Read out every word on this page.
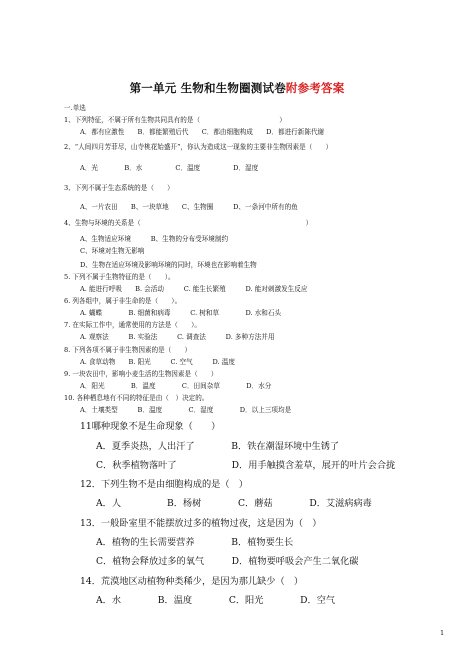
第一单元 生物和生物圈测试卷附参考答案
一.单选
1、下列特征，不属于所有生物共同具有的是（　　　　　　　　　　　　）
A．都有应激性　　B．都能繁殖后代　　C．都由细胞构成　　D．都进行新陈代谢
2、“人间四月芳菲尽，山寺桃花始盛开”，你认为造成这一现象的主要非生物因素是（　　）
A．光　　　　B．水　　　　　C．温度　　　　　D．湿度
3、下列不属于生态系统的是（　　）
A、一片农田　　B、一块草地　　C、生物圈　　　D、一条河中所有的鱼
4、生物与环境的关系是（　　　　　　　　　　　　　　　　　　　　　　　　　）
A、生物适应环境　　　B、生物的分布受环境制约
C、环境对生物无影响
D、生物在适应环境及影响环境的同时，环境也在影响着生物
5. 下列不属于生物特征的是（　　）。
A. 能进行呼吸　　B. 会活动　　　C. 能生长繁殖　　　D. 能对刺激发生反应
6. 列各组中，属于非生命的是（　　）。
A. 蝴蝶　　　　B. 细菌和病毒　　　C. 树和草　　　　D. 水和石头
7. 在实际工作中，通常使用的方法是（　　）。
A. 观察法　　　B. 实验法　　　C. 调查法　　　D. 多种方法并用
8. 下列各项不属于非生物因素的是（　　）
A. 食草动物　　B. 阳光　　　C. 空气　　　D. 温度
9. 一块农田中，影响小麦生活的生物因素是（　　）
A．阳光　　　　B．温度　　　　C．田间杂草　　　　D．水分
10. 各种栖息地有不同的特征是由（　）决定的。
A．土壤类型　　　B．温度　　　　C．湿度　　　　D．以上三项均是
11哪种现象不是生命现象（　　）
A．夏季炎热，人出汗了　　　　B．铁在潮湿环境中生锈了
C．秋季植物落叶了　　　　　　D．用手触摸含羞草，展开的叶片会合拢
12．下列生物不是由细胞构成的是（　）
A．人　　　　　B．杨树　　　　C．蘑菇　　　　D．艾滋病病毒
13．一般卧室里不能摆放过多的植物过夜，这是因为（　）
A．植物的生长需要营养　　　　B．植物要生长
C．植物会释放过多的氧气　　　D．植物要呼吸会产生二氧化碳
14．荒漠地区动植物种类稀少，是因为那儿缺少（　）
A．水　　　　B．温度　　　　C．阳光　　　　D．空气
1
